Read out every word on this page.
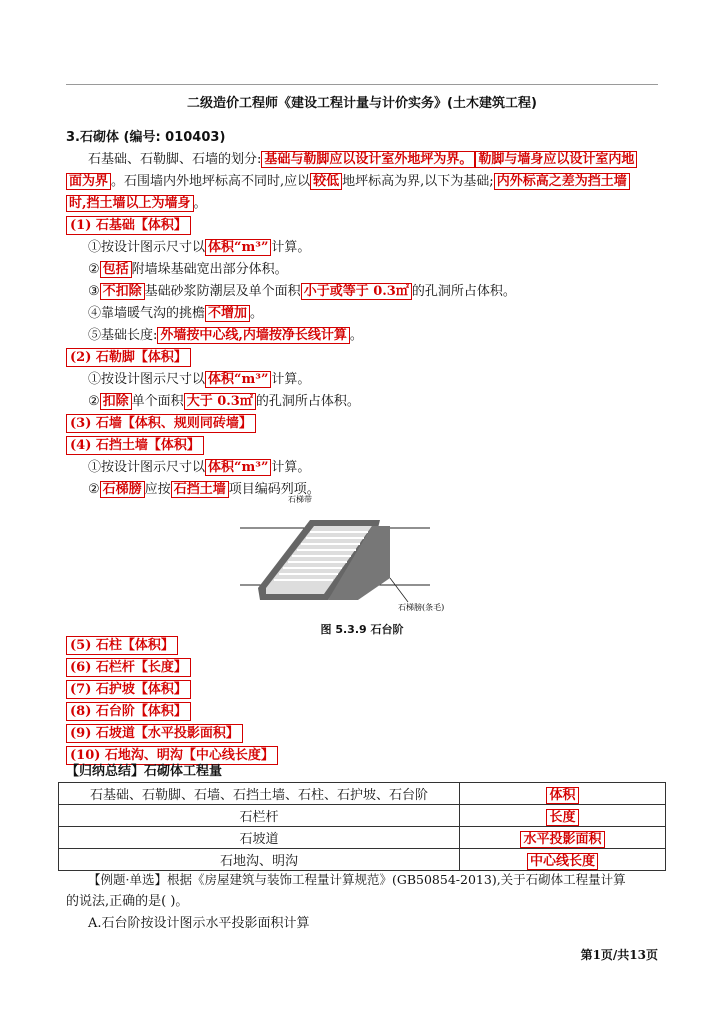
二级造价工程师《建设工程计量与计价实务》(土木建筑工程)
3.石砌体 (编号: 010403)
石基础、石勒脚、石墙的划分: 基础与勒脚应以设计室外地坪为界。 勒脚与墙身应以设计室内地
面为界 。石围墙内外地坪标高不同时,应以 较低 地坪标高为界,以下为基础; 内外标高之差为挡土墙
时,挡土墙以上为墙身 。
(1) 石基础【体积】
①按设计图示尺寸以 体积“m³” 计算。
② 包括 附墙垛基础宽出部分体积。
③ 不扣除 基础砂浆防潮层及单个面积 小于或等于 0.3㎡ 的孔洞所占体积。
④靠墙暖气沟的挑檐 不增加 。
⑤基础长度: 外墙按中心线,内墙按净长线计算 。
(2) 石勒脚【体积】
①按设计图示尺寸以 体积“m³” 计算。
② 扣除 单个面积 大于 0.3㎡ 的孔洞所占体积。
(3) 石墙【体积、规则同砖墙】
(4) 石挡土墙【体积】
①按设计图示尺寸以 体积“m³” 计算。
② 石梯膀 应按 石挡土墙 项目编码列项。
石梯带
石梯膀(条毛)
图 5.3.9 石台阶
(5) 石柱【体积】
(6) 石栏杆【长度】
(7) 石护坡【体积】
(8) 石台阶【体积】
(9) 石坡道【水平投影面积】
(10) 石地沟、明沟【中心线长度】
【归纳总结】石砌体工程量
石基础、石勒脚、石墙、石挡土墙、石柱、石护坡、石台阶	体积
石栏杆	长度
石坡道	水平投影面积
石地沟、明沟	中心线长度
【例题·单选】根据《房屋建筑与装饰工程量计算规范》(GB50854-2013),关于石砌体工程量计算
的说法,正确的是( )。
A.石台阶按设计图示水平投影面积计算
第1页/共13页
